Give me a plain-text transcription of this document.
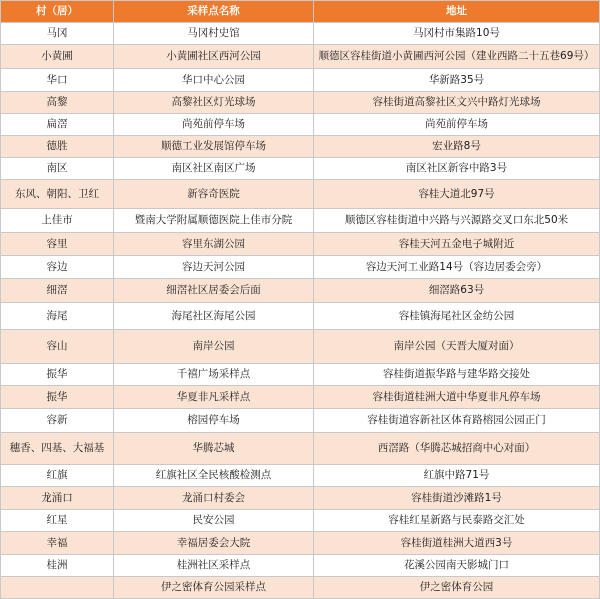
村（居）	采样点名称	地址
马冈	马冈村史馆	马冈村市集路10号
小黄圃	小黄圃社区西河公园	顺德区容桂街道小黄圃西河公园（建业西路二十五巷69号）
华口	华口中心公园	华新路35号
高黎	高黎社区灯光球场	容桂街道高黎社区文兴中路灯光球场
扁滘	尚苑前停车场	尚苑前停车场
德胜	顺德工业发展馆停车场	宏业路8号
南区	南区社区南区广场	南区社区新容中路3号
东风、朝阳、卫红	新容奇医院	容桂大道北97号
上佳市	暨南大学附属顺德医院上佳市分院	顺德区容桂街道中兴路与兴源路交叉口东北50米
容里	容里东湖公园	容桂天河五金电子城附近
容边	容边天河公园	容边天河工业路14号（容边居委会旁）
细滘	细滘社区居委会后面	细滘路63号
海尾	海尾社区海尾公园	容桂镇海尾社区金纺公园
容山	南岸公园	南岸公园（天晋大厦对面）
振华	千禧广场采样点	容桂街道振华路与建华路交接处
振华	华夏非凡采样点	容桂街道桂洲大道中华夏非凡停车场
容新	榕园停车场	容桂街道容新社区体育路榕园公园正门
穗香、四基、大福基	华腾芯城	西滘路（华腾芯城招商中心对面）
红旗	红旗社区全民核酸检测点	红旗中路71号
龙涌口	龙涌口村委会	容桂街道沙滩路1号
红星	民安公园	容桂红星新路与民泰路交汇处
幸福	幸福居委会大院	容桂街道桂洲大道西3号
桂洲	桂洲社区采样点	花溪公园南天影城门口
	伊之密体育公园采样点	伊之密体育公园
